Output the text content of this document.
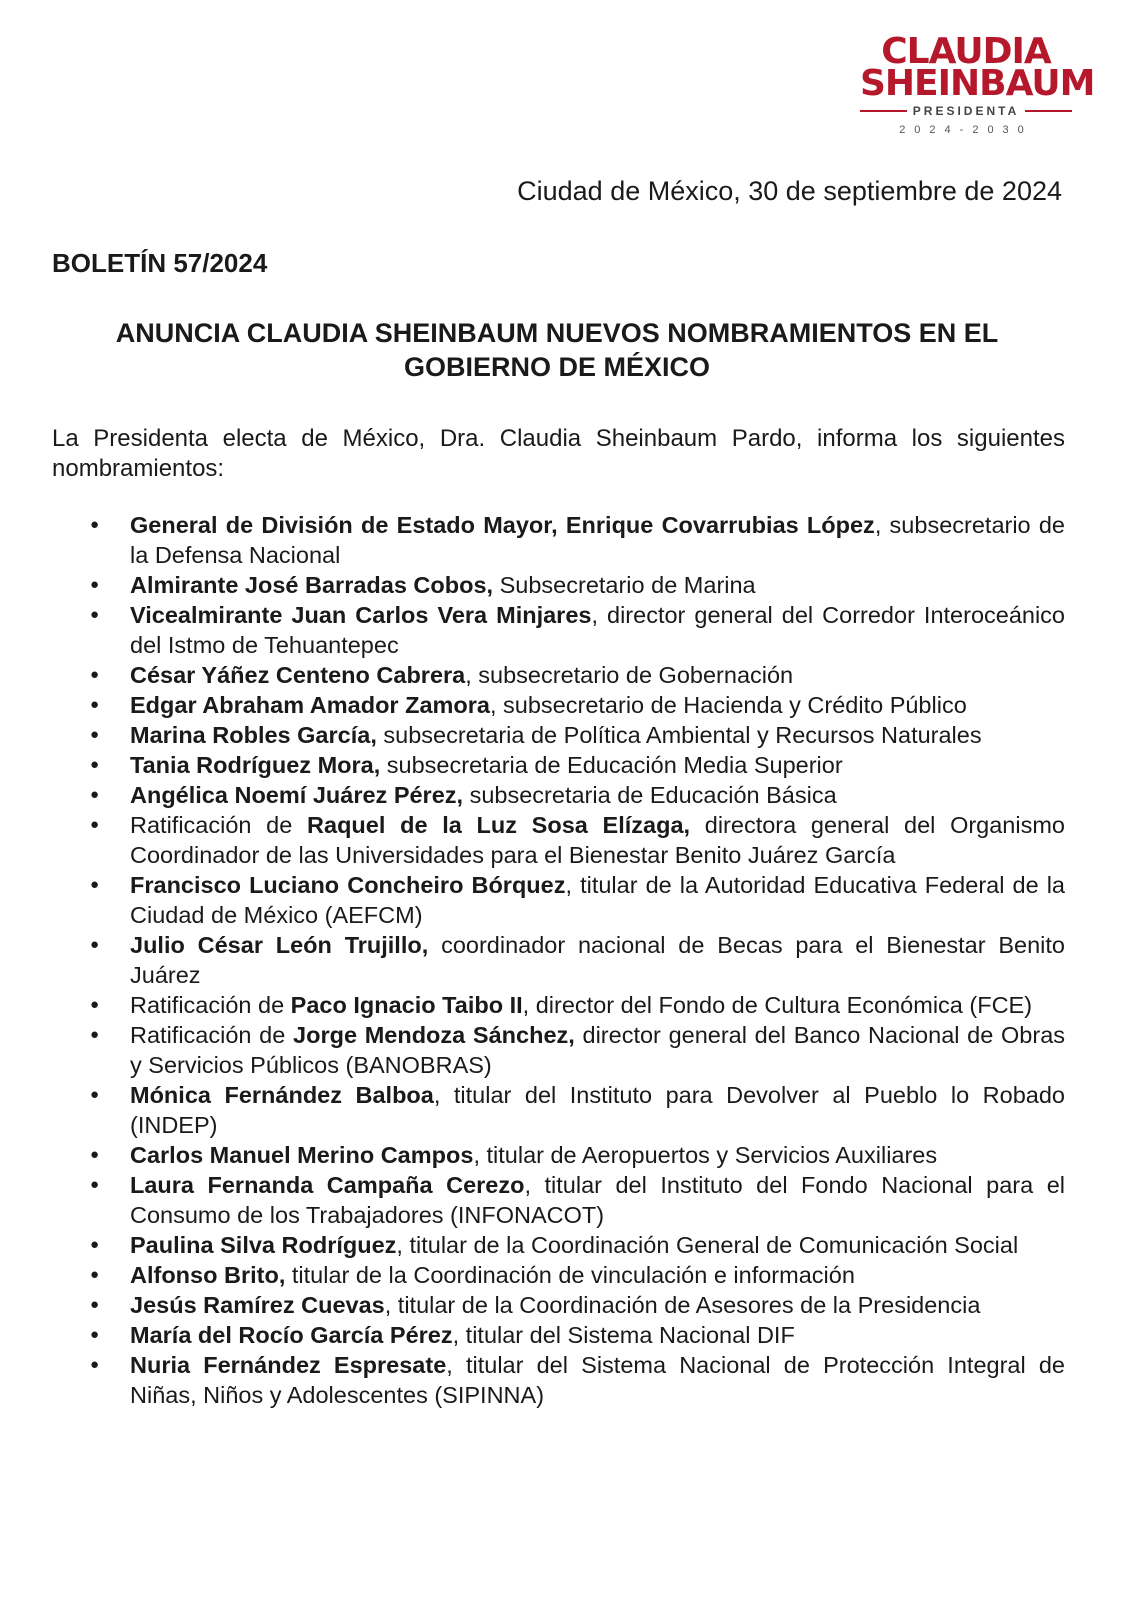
CLAUDIA
SHEINBAUM
PRESIDENTA
2024-2030
Ciudad de México, 30 de septiembre de 2024
BOLETÍN 57/2024
ANUNCIA CLAUDIA SHEINBAUM NUEVOS NOMBRAMIENTOS EN EL GOBIERNO DE MÉXICO
La Presidenta electa de México, Dra. Claudia Sheinbaum Pardo, informa los siguientes nombramientos:
● General de División de Estado Mayor, Enrique Covarrubias López, subsecretario de la Defensa Nacional
● Almirante José Barradas Cobos, Subsecretario de Marina
● Vicealmirante Juan Carlos Vera Minjares, director general del Corredor Interoceánico del Istmo de Tehuantepec
● César Yáñez Centeno Cabrera, subsecretario de Gobernación
● Edgar Abraham Amador Zamora, subsecretario de Hacienda y Crédito Público
● Marina Robles García, subsecretaria de Política Ambiental y Recursos Naturales
● Tania Rodríguez Mora, subsecretaria de Educación Media Superior
● Angélica Noemí Juárez Pérez, subsecretaria de Educación Básica
● Ratificación de Raquel de la Luz Sosa Elízaga, directora general del Organismo Coordinador de las Universidades para el Bienestar Benito Juárez García
● Francisco Luciano Concheiro Bórquez, titular de la Autoridad Educativa Federal de la Ciudad de México (AEFCM)
● Julio César León Trujillo, coordinador nacional de Becas para el Bienestar Benito Juárez
● Ratificación de Paco Ignacio Taibo II, director del Fondo de Cultura Económica (FCE)
● Ratificación de Jorge Mendoza Sánchez, director general del Banco Nacional de Obras y Servicios Públicos (BANOBRAS)
● Mónica Fernández Balboa, titular del Instituto para Devolver al Pueblo lo Robado (INDEP)
● Carlos Manuel Merino Campos, titular de Aeropuertos y Servicios Auxiliares
● Laura Fernanda Campaña Cerezo, titular del Instituto del Fondo Nacional para el Consumo de los Trabajadores (INFONACOT)
● Paulina Silva Rodríguez, titular de la Coordinación General de Comunicación Social
● Alfonso Brito, titular de la Coordinación de vinculación e información
● Jesús Ramírez Cuevas, titular de la Coordinación de Asesores de la Presidencia
● María del Rocío García Pérez, titular del Sistema Nacional DIF
● Nuria Fernández Espresate, titular del Sistema Nacional de Protección Integral de Niñas, Niños y Adolescentes (SIPINNA)
